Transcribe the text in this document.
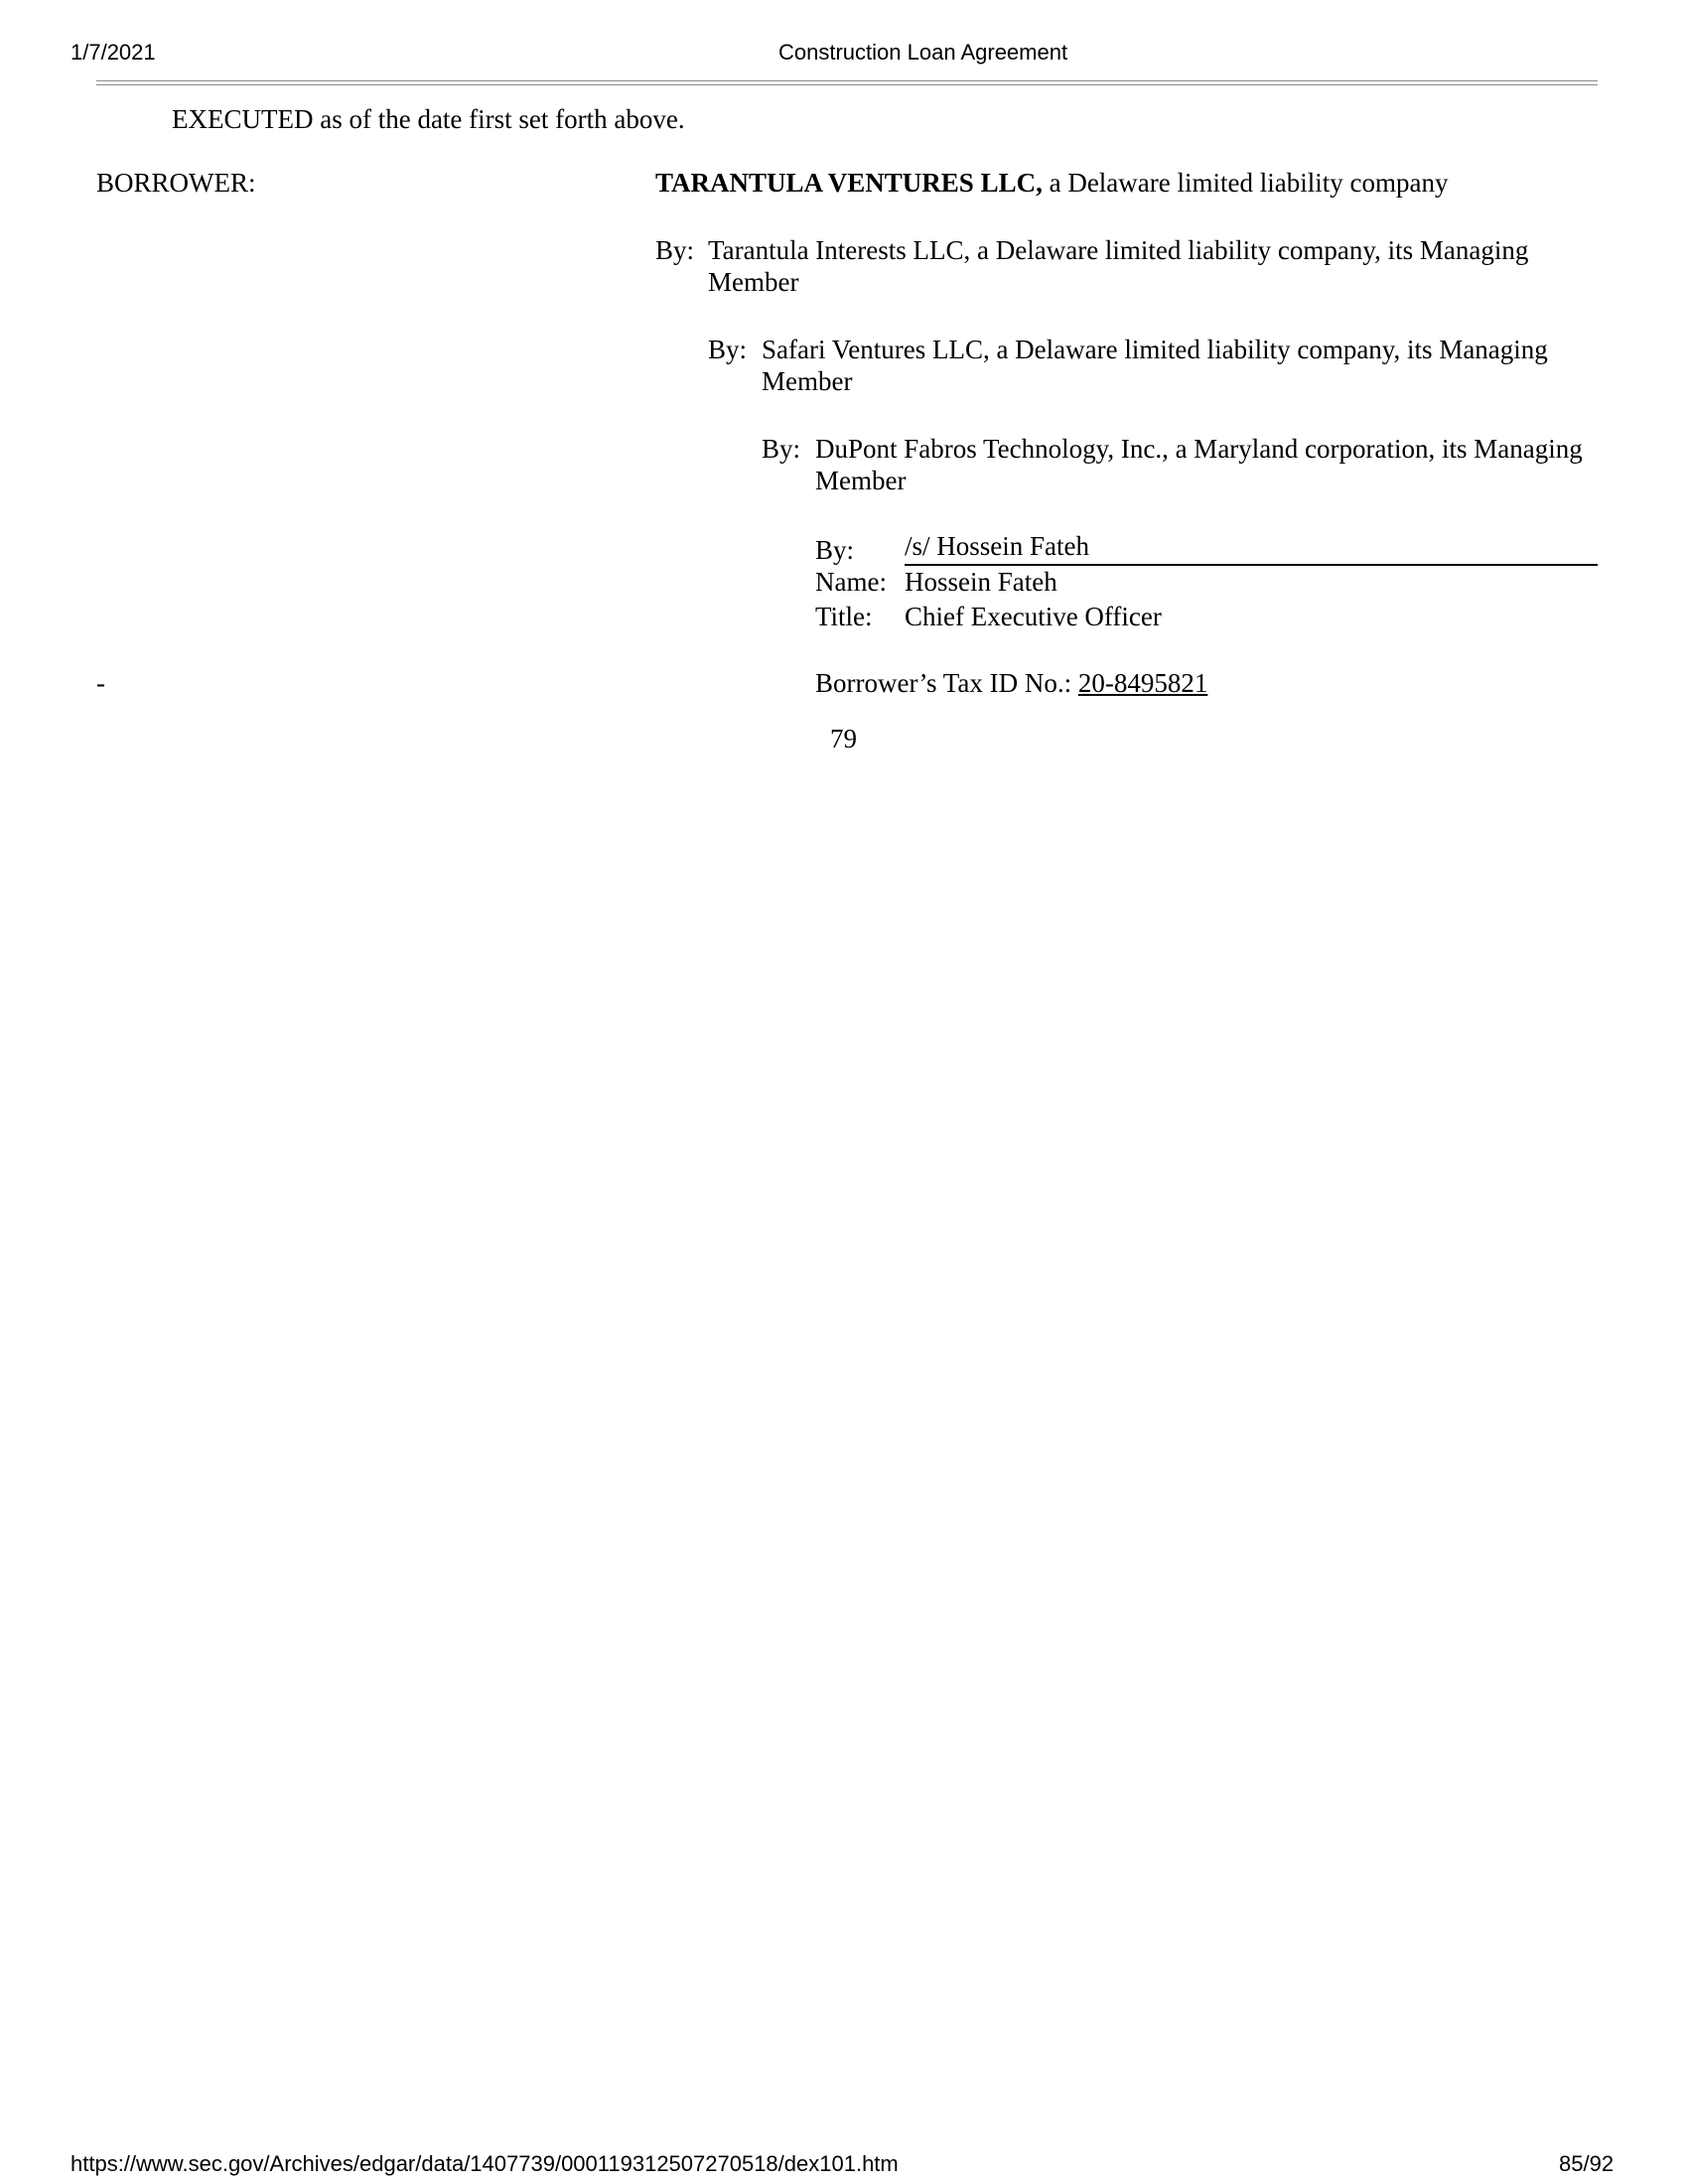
1/7/2021	Construction Loan Agreement
EXECUTED as of the date first set forth above.
BORROWER:	TARANTULA VENTURES LLC, a Delaware limited liability company
By: Tarantula Interests LLC, a Delaware limited liability company, its Managing Member
By: Safari Ventures LLC, a Delaware limited liability company, its Managing Member
By: DuPont Fabros Technology, Inc., a Maryland corporation, its Managing Member
By: /s/ Hossein Fateh
Name: Hossein Fateh
Title: Chief Executive Officer
-	Borrower’s Tax ID No.: 20-8495821
79
https://www.sec.gov/Archives/edgar/data/1407739/000119312507270518/dex101.htm	85/92
